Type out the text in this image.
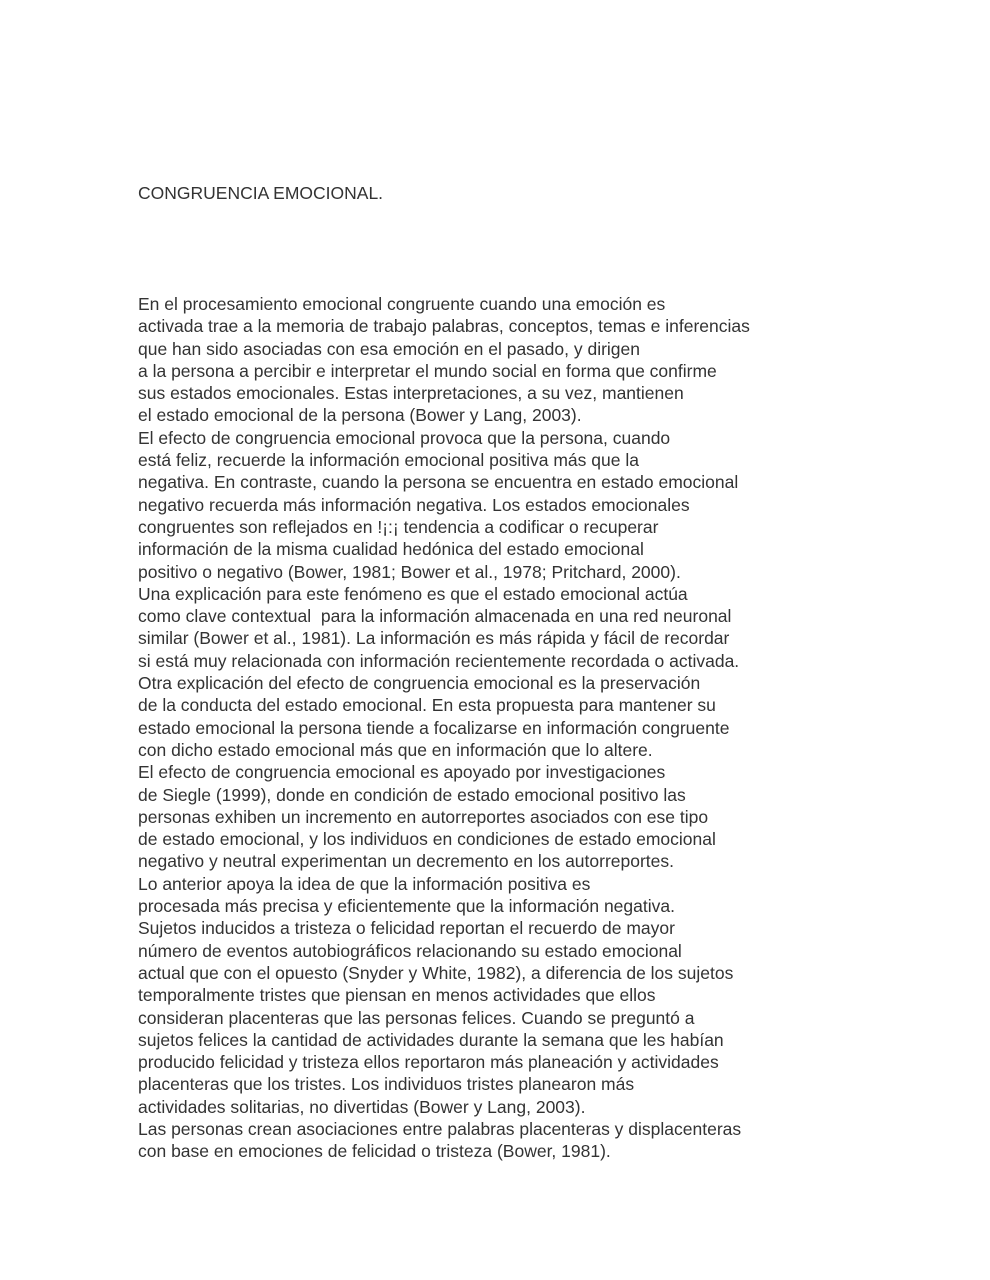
CONGRUENCIA EMOCIONAL.
En el procesamiento emocional congruente cuando una emoción es
activada trae a la memoria de trabajo palabras, conceptos, temas e inferencias
que han sido asociadas con esa emoción en el pasado, y dirigen
a la persona a percibir e interpretar el mundo social en forma que confirme
sus estados emocionales. Estas interpretaciones, a su vez, mantienen
el estado emocional de la persona (Bower y Lang, 2003).
El efecto de congruencia emocional provoca que la persona, cuando
está feliz, recuerde la información emocional positiva más que la
negativa. En contraste, cuando la persona se encuentra en estado emocional
negativo recuerda más información negativa. Los estados emocionales
congruentes son reflejados en !¡:¡ tendencia a codificar o recuperar
información de la misma cualidad hedónica del estado emocional
positivo o negativo (Bower, 1981; Bower et al., 1978; Pritchard, 2000).
Una explicación para este fenómeno es que el estado emocional actúa
como clave contextual  para la información almacenada en una red neuronal
similar (Bower et al., 1981). La información es más rápida y fácil de recordar
si está muy relacionada con información recientemente recordada o activada.
Otra explicación del efecto de congruencia emocional es la preservación
de la conducta del estado emocional. En esta propuesta para mantener su
estado emocional la persona tiende a focalizarse en información congruente
con dicho estado emocional más que en información que lo altere.
El efecto de congruencia emocional es apoyado por investigaciones
de Siegle (1999), donde en condición de estado emocional positivo las
personas exhiben un incremento en autorreportes asociados con ese tipo
de estado emocional, y los individuos en condiciones de estado emocional
negativo y neutral experimentan un decremento en los autorreportes.
Lo anterior apoya la idea de que la información positiva es
procesada más precisa y eficientemente que la información negativa.
Sujetos inducidos a tristeza o felicidad reportan el recuerdo de mayor
número de eventos autobiográficos relacionando su estado emocional
actual que con el opuesto (Snyder y White, 1982), a diferencia de los sujetos
temporalmente tristes que piensan en menos actividades que ellos
consideran placenteras que las personas felices. Cuando se preguntó a
sujetos felices la cantidad de actividades durante la semana que les habían
producido felicidad y tristeza ellos reportaron más planeación y actividades
placenteras que los tristes. Los individuos tristes planearon más
actividades solitarias, no divertidas (Bower y Lang, 2003).
Las personas crean asociaciones entre palabras placenteras y displacenteras
con base en emociones de felicidad o tristeza (Bower, 1981).
